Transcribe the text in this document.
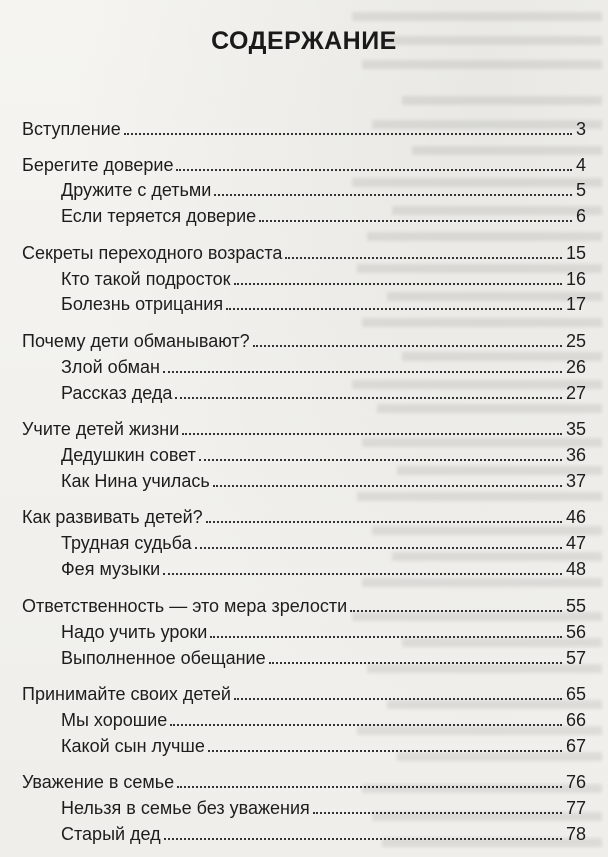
СОДЕРЖАНИЕ
Вступление	3
Берегите доверие	4
Дружите с детьми	5
Если теряется доверие	6
Секреты переходного возраста	15
Кто такой подросток	16
Болезнь отрицания	17
Почему дети обманывают?	25
Злой обман	26
Рассказ деда	27
Учите детей жизни	35
Дедушкин совет	36
Как Нина училась	37
Как развивать детей?	46
Трудная судьба	47
Фея музыки	48
Ответственность — это мера зрелости	55
Надо учить уроки	56
Выполненное обещание	57
Принимайте своих детей	65
Мы хорошие	66
Какой сын лучше	67
Уважение в семье	76
Нельзя в семье без уважения	77
Старый дед	78
